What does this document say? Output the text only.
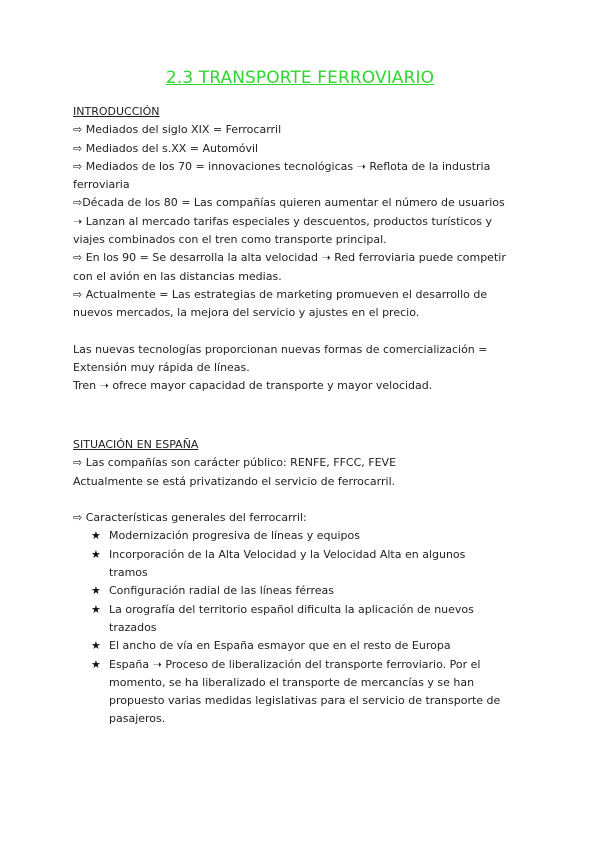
2.3 TRANSPORTE FERROVIARIO
INTRODUCCIÓN
⇨ Mediados del siglo XIX = Ferrocarril
⇨ Mediados del s.XX = Automóvil
⇨ Mediados de los 70 = innovaciones tecnológicas ➝ Reflota de la industria
ferroviaria
⇨Década de los 80 = Las compañías quieren aumentar el número de usuarios
➝ Lanzan al mercado tarifas especiales y descuentos, productos turísticos y
viajes combinados con el tren como transporte principal.
⇨ En los 90 = Se desarrolla la alta velocidad ➝ Red ferroviaria puede competir
con el avión en las distancias medias.
⇨ Actualmente = Las estrategias de marketing promueven el desarrollo de
nuevos mercados, la mejora del servicio y ajustes en el precio.
Las nuevas tecnologías proporcionan nuevas formas de comercialización =
Extensión muy rápida de líneas.
Tren ➝ ofrece mayor capacidad de transporte y mayor velocidad.
SITUACIÓN EN ESPAÑA
⇨ Las compañías son carácter público: RENFE, FFCC, FEVE
Actualmente se está privatizando el servicio de ferrocarril.
⇨ Características generales del ferrocarril:
★ Modernización progresiva de líneas y equipos
★ Incorporación de la Alta Velocidad y la Velocidad Alta en algunos
tramos
★ Configuración radial de las líneas férreas
★ La orografía del territorio español dificulta la aplicación de nuevos
trazados
★ El ancho de vía en España esmayor que en el resto de Europa
★ España ➝ Proceso de liberalización del transporte ferroviario. Por el
momento, se ha liberalizado el transporte de mercancías y se han
propuesto varias medidas legislativas para el servicio de transporte de
pasajeros.
